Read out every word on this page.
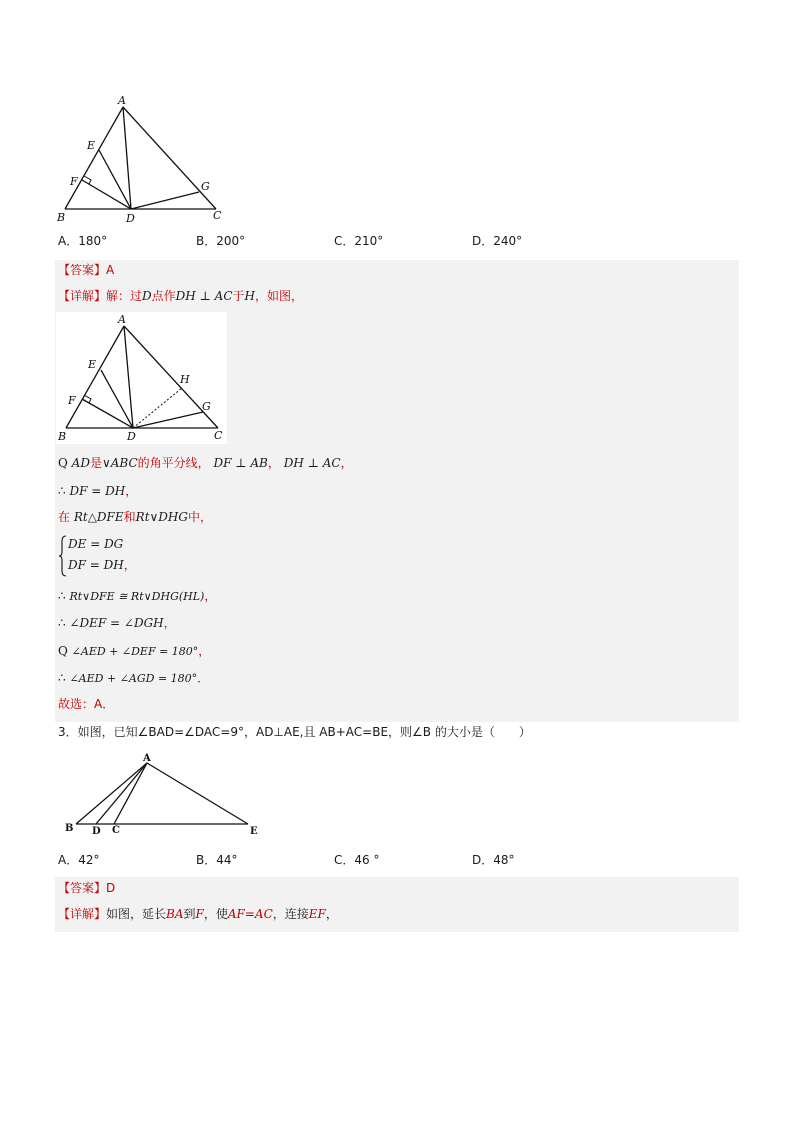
A
E
F	G
B	D	C
A．180°	B．200°	C．210°	D．240°
【答案】A
【详解】解：过D点作DH ⊥ AC于H，如图，
A
E
F
H
G
B	D	C
Q AD是∨ABC的角平分线， DF ⊥ AB， DH ⊥ AC，
∴ DF = DH，
在 Rt△DFE和Rt∨DHG中，
DE = DG
DF = DH，
∴ Rt∨DFE ≅ Rt∨DHG(HL)，
∴ ∠DEF = ∠DGH，
Q ∠AED + ∠DEF = 180°，
∴ ∠AED + ∠AGD = 180°．
故选：A．
3．如图，已知∠BAD=∠DAC=9°，AD⊥AE,且 AB+AC=BE，则∠B 的大小是（　　）
A
B D C	E
A．42°	B．44°	C．46 °	D．48°
【答案】D
【详解】如图，延长BA到F，使AF=AC，连接EF，
